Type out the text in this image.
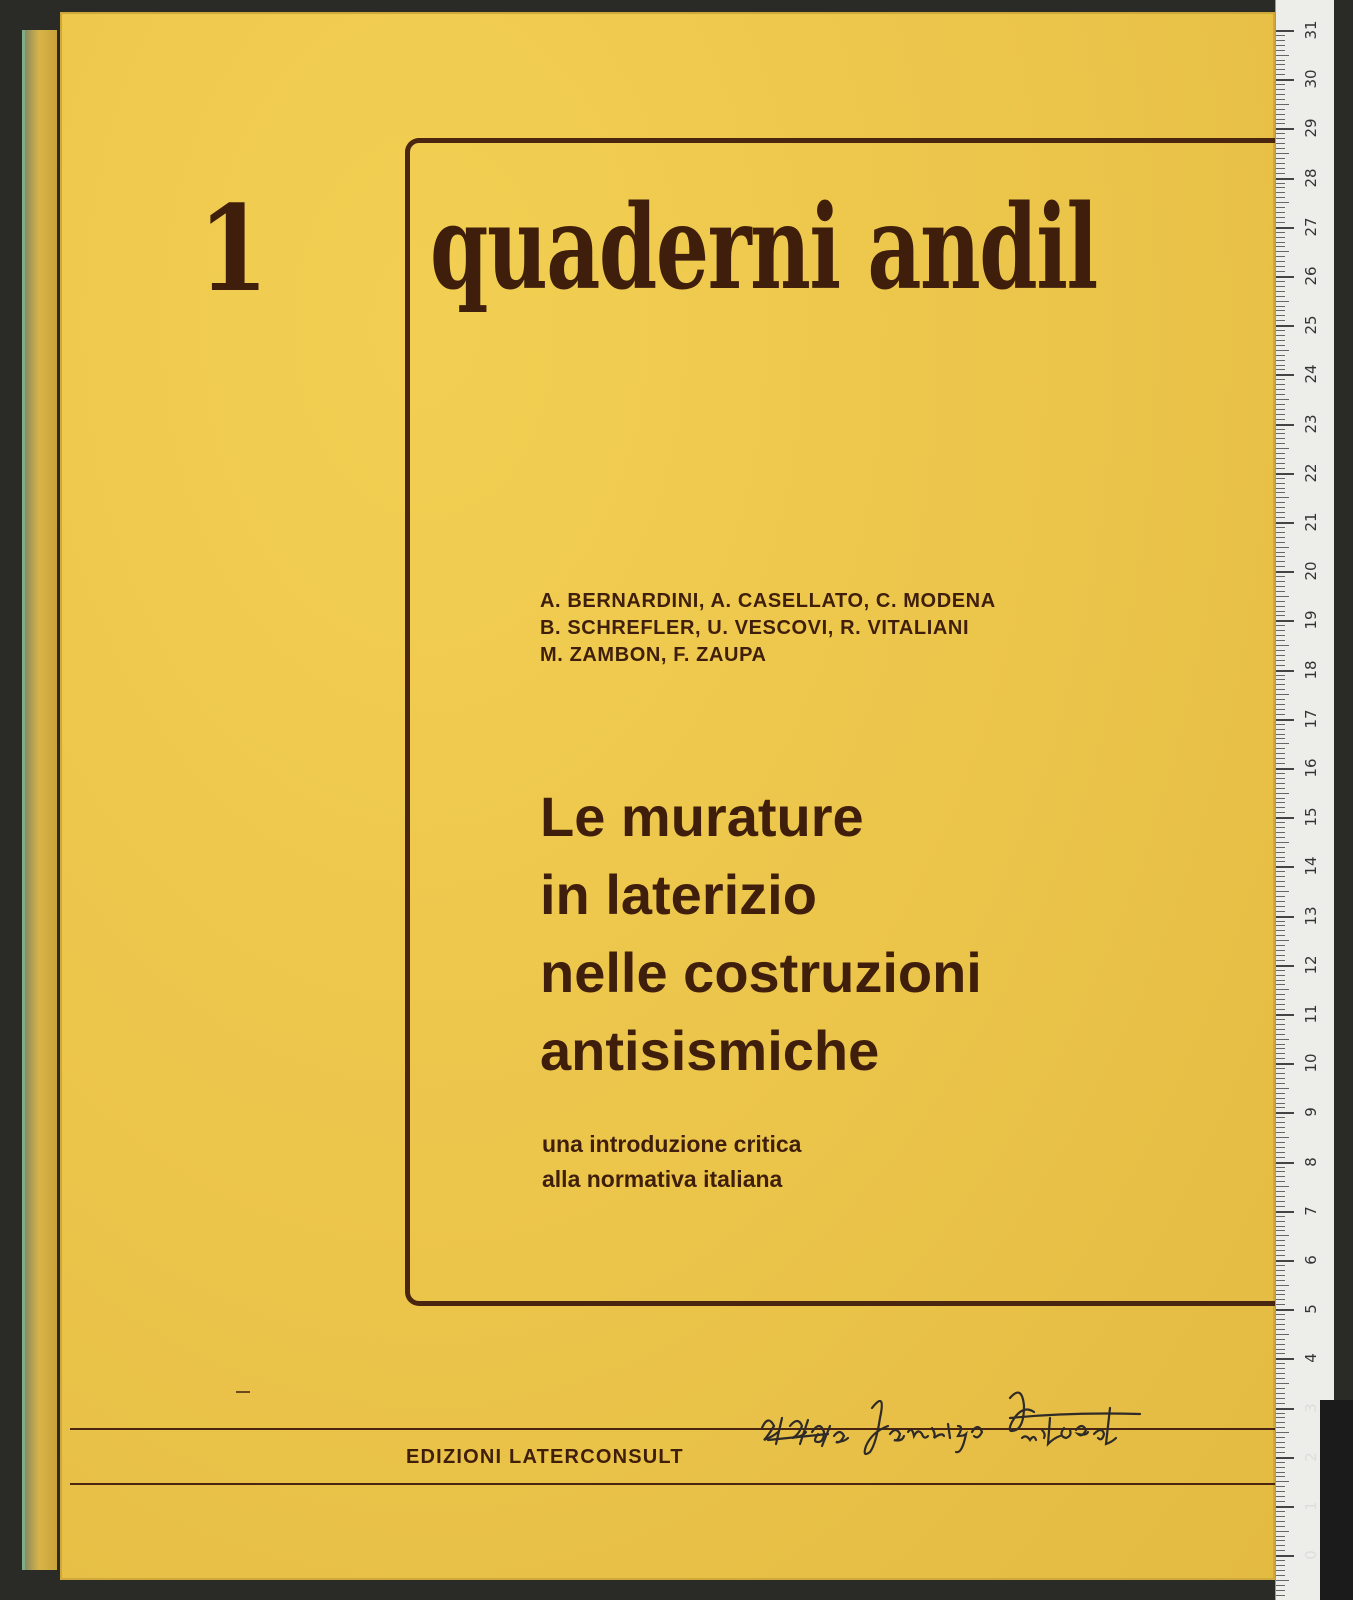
1 quaderni andil
A. BERNARDINI, A. CASELLATO, C. MODENA
B. SCHREFLER, U. VESCOVI, R. VITALIANI
M. ZAMBON, F. ZAUPA
Le murature
in laterizio
nelle costruzioni
antisismiche
una introduzione critica
alla normativa italiana
EDIZIONI LATERCONSULT
31
30
29
28
27
26
25
24
23
22
21
20
19
18
17
16
15
14
13
12
11
10
9
8
7
6
5
4
3
2
1
0
